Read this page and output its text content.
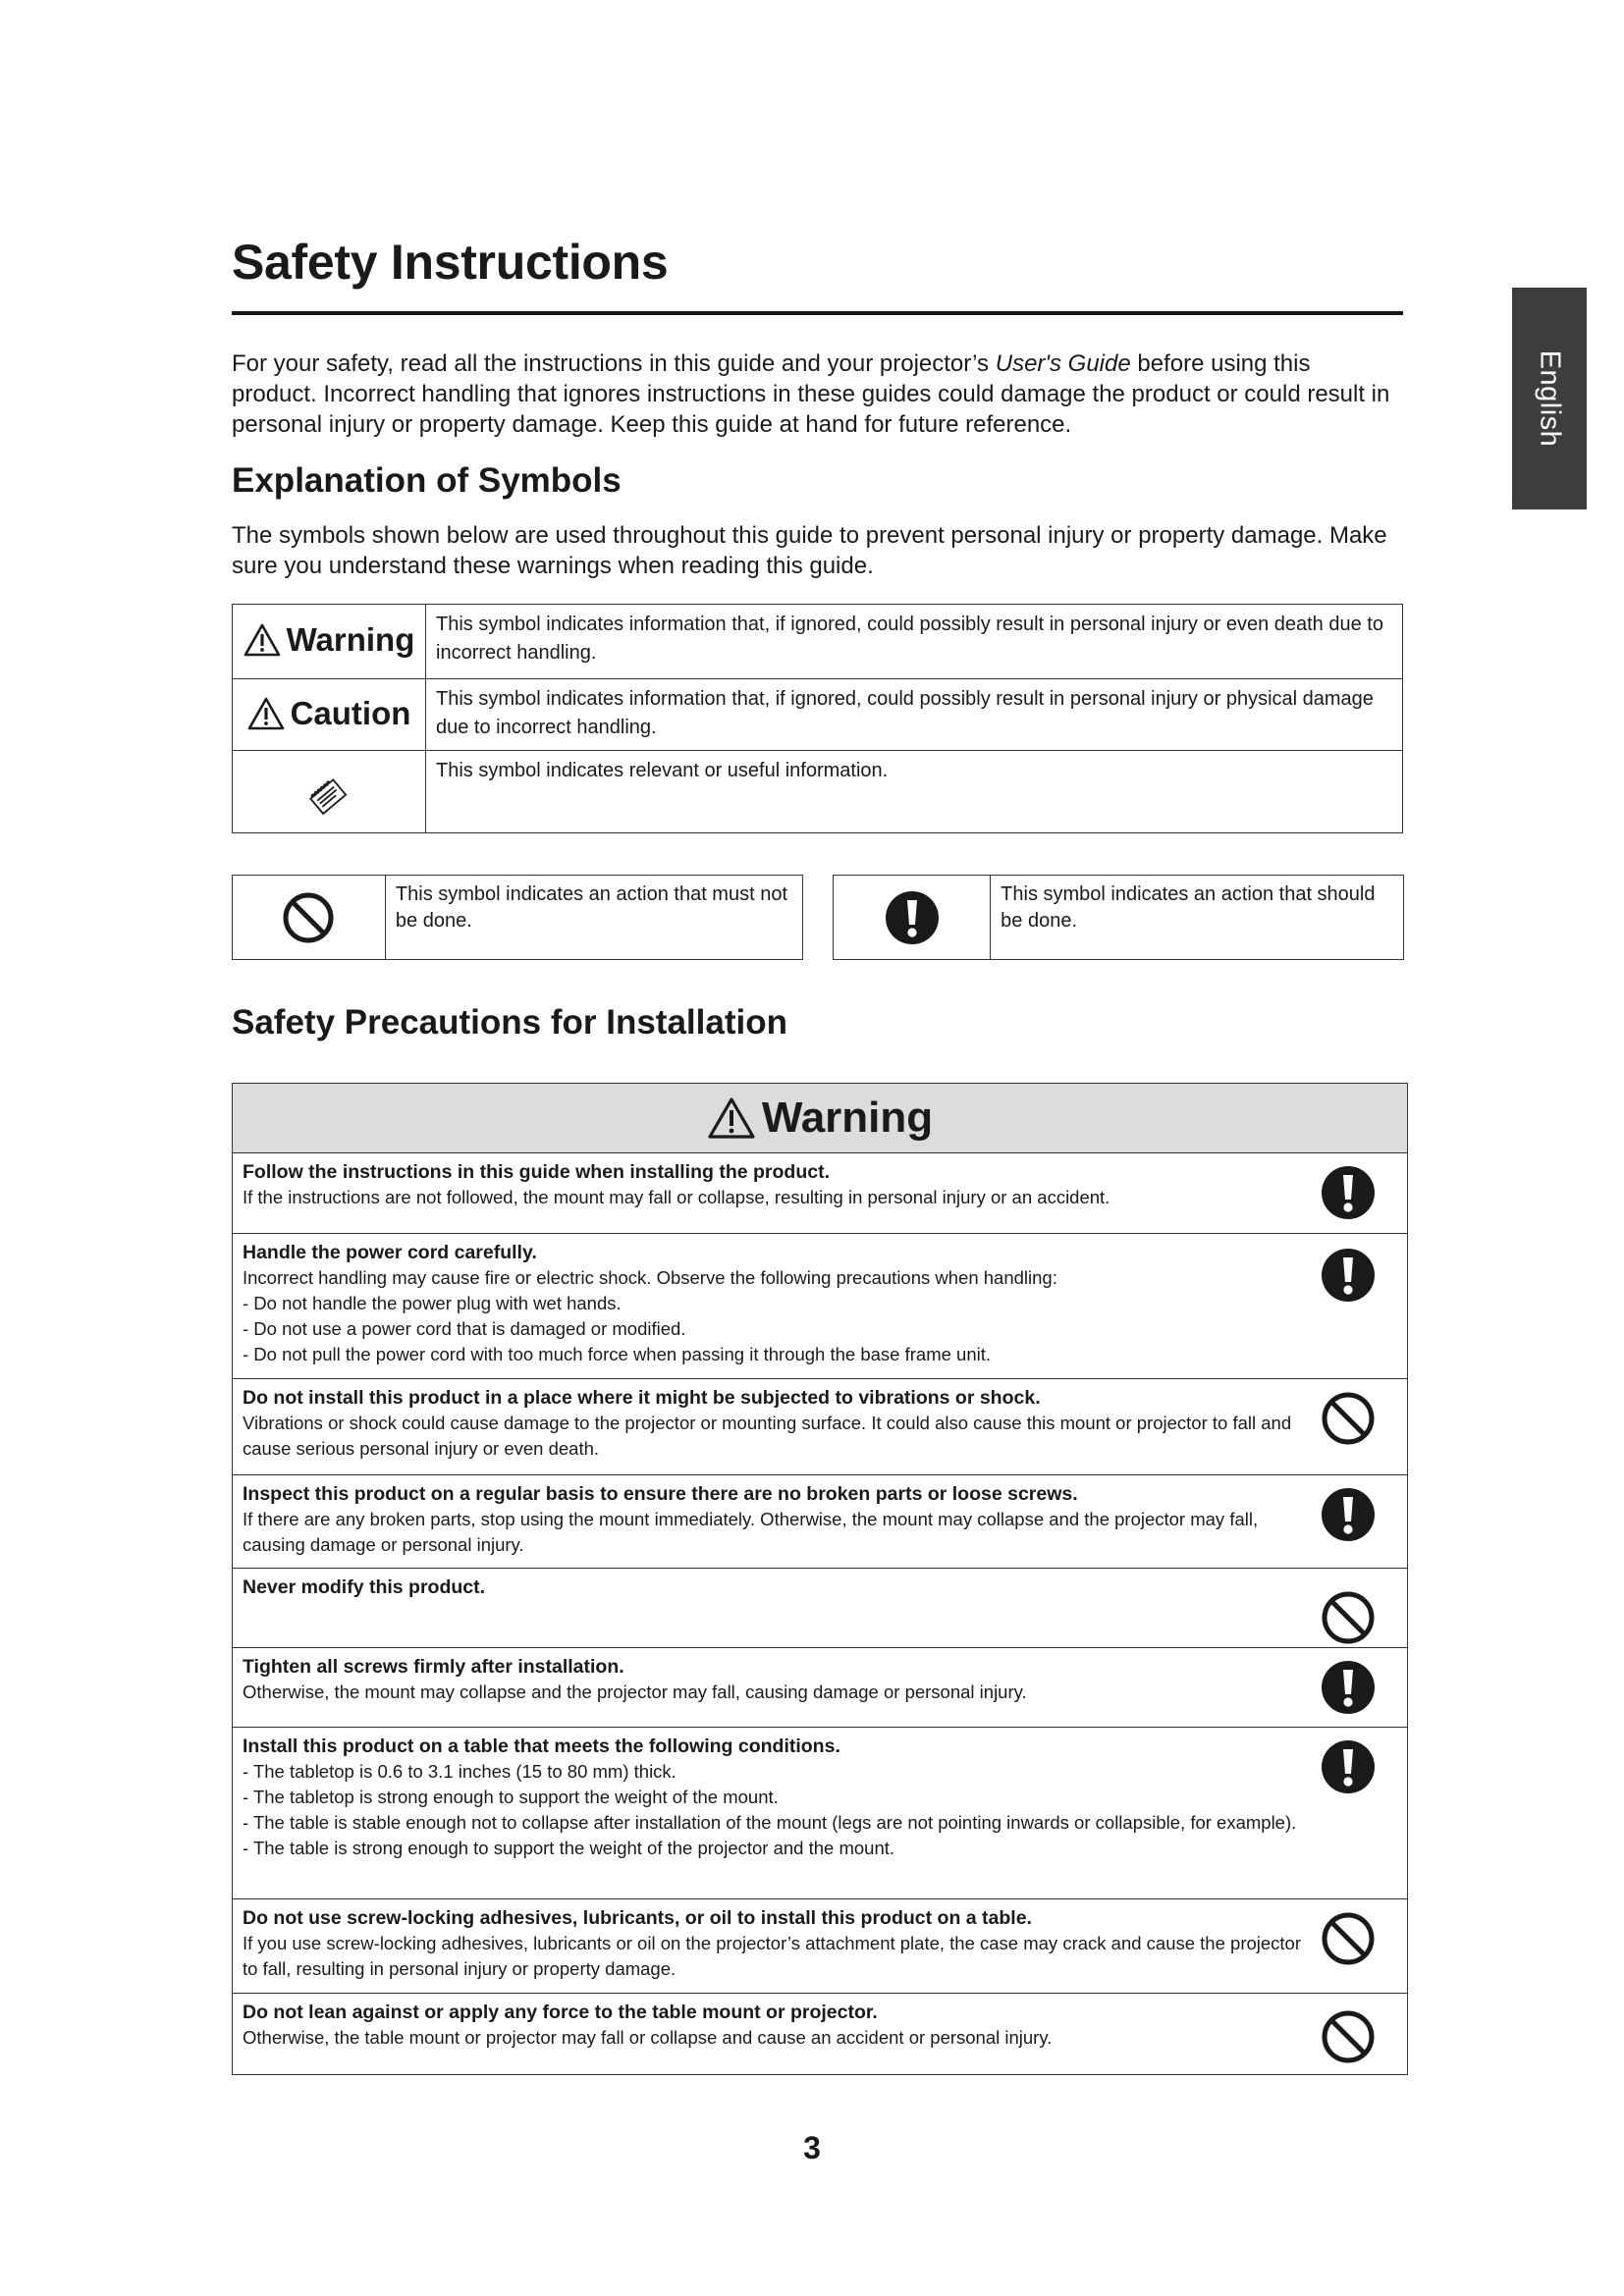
Safety Instructions
English
For your safety, read all the instructions in this guide and your projector’s User's Guide before using this product. Incorrect handling that ignores instructions in these guides could damage the product or could result in personal injury or property damage. Keep this guide at hand for future reference.
Explanation of Symbols
The symbols shown below are used throughout this guide to prevent personal injury or property damage. Make sure you understand these warnings when reading this guide.
Warning	This symbol indicates information that, if ignored, could possibly result in personal injury or even death due to incorrect handling.

Caution	This symbol indicates information that, if ignored, could possibly result in personal injury or physical damage due to incorrect handling.
	This symbol indicates relevant or useful information.
This symbol indicates an action that must not be done.
This symbol indicates an action that should be done.
Safety Precautions for Installation
Warning
Follow the instructions in this guide when installing the product.
If the instructions are not followed, the mount may fall or collapse, resulting in personal injury or an accident.
Handle the power cord carefully.
Incorrect handling may cause fire or electric shock. Observe the following precautions when handling:
- Do not handle the power plug with wet hands.
- Do not use a power cord that is damaged or modified.
- Do not pull the power cord with too much force when passing it through the base frame unit.
Do not install this product in a place where it might be subjected to vibrations or shock.
Vibrations or shock could cause damage to the projector or mounting surface. It could also cause this mount or projector to fall and cause serious personal injury or even death.
Inspect this product on a regular basis to ensure there are no broken parts or loose screws.
If there are any broken parts, stop using the mount immediately. Otherwise, the mount may collapse and the projector may fall, causing damage or personal injury.
Never modify this product.
Tighten all screws firmly after installation.
Otherwise, the mount may collapse and the projector may fall, causing damage or personal injury.
Install this product on a table that meets the following conditions.
- The tabletop is 0.6 to 3.1 inches (15 to 80 mm) thick.
- The tabletop is strong enough to support the weight of the mount.
- The table is stable enough not to collapse after installation of the mount (legs are not pointing inwards or collapsible, for example).
- The table is strong enough to support the weight of the projector and the mount.
Do not use screw-locking adhesives, lubricants, or oil to install this product on a table.
If you use screw-locking adhesives, lubricants or oil on the projector’s attachment plate, the case may crack and cause the projector to fall, resulting in personal injury or property damage.
Do not lean against or apply any force to the table mount or projector.
Otherwise, the table mount or projector may fall or collapse and cause an accident or personal injury.
3
